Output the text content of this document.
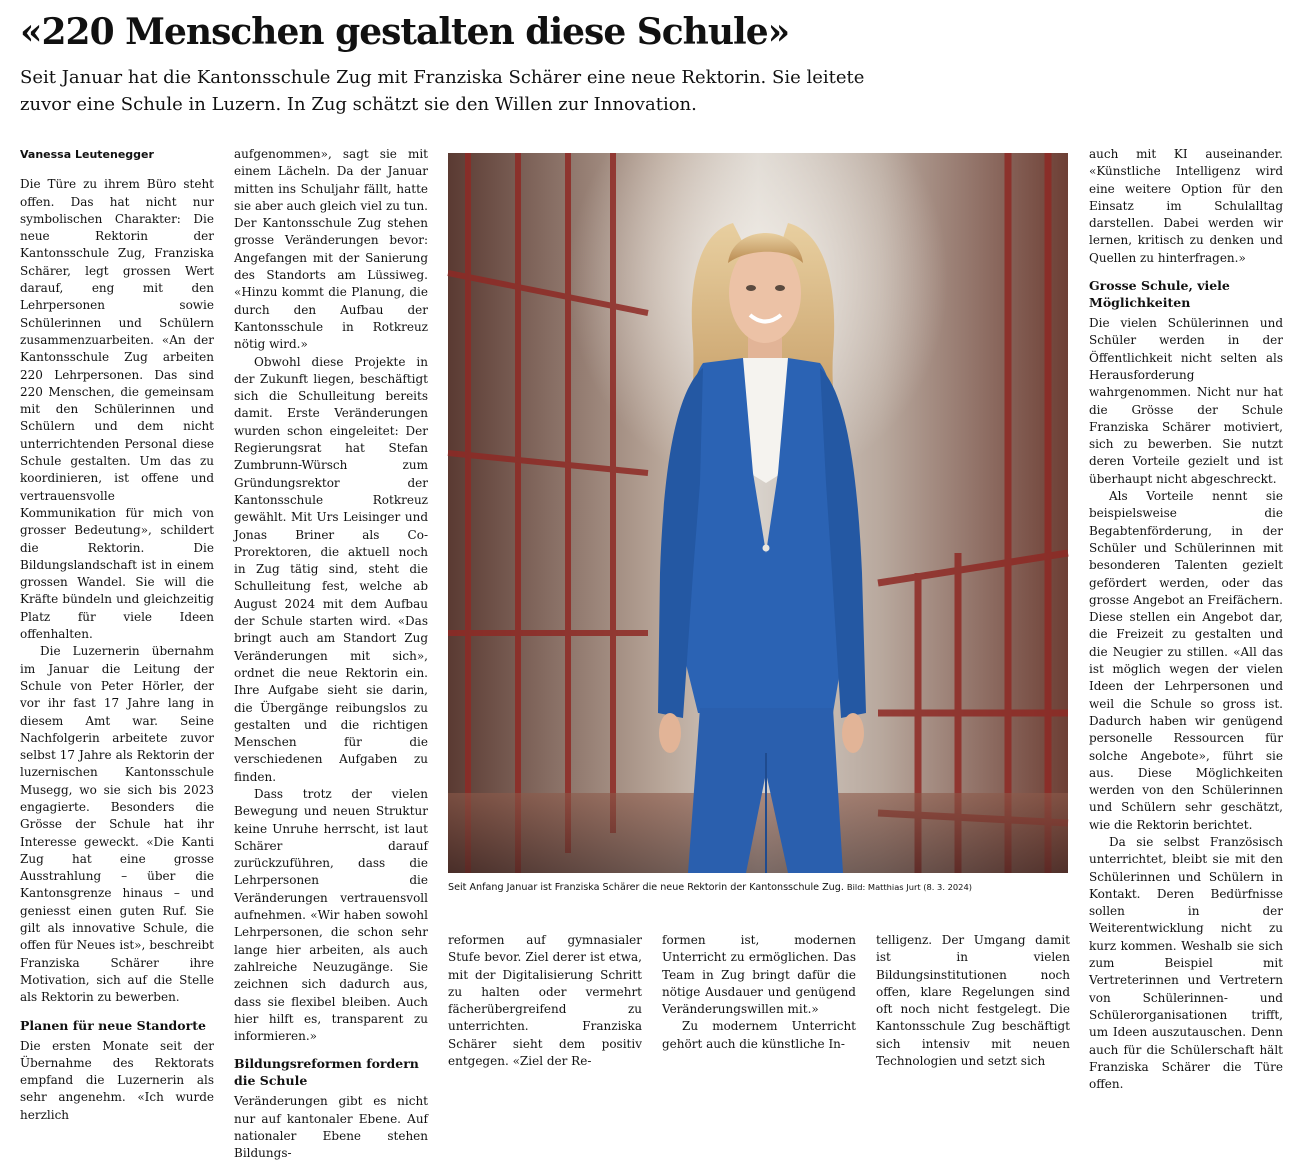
«220 Menschen gestalten diese Schule»

Seit Januar hat die Kantonsschule Zug mit Franziska Schärer eine neue Rektorin. Sie leitete

zuvor eine Schule in Luzern. In Zug schätzt sie den Willen zur Innovation.

Vanessa Leutenegger

Die Türe zu ihrem Büro steht offen. Das hat nicht nur symbolischen Charakter: Die neue Rektorin der Kantonsschule Zug, Franziska Schärer, legt grossen Wert darauf, eng mit den Lehrpersonen sowie Schülerinnen und Schülern zusammenzuarbeiten. «An der Kantonsschule Zug arbeiten 220 Lehrpersonen. Das sind 220 Menschen, die gemeinsam mit den Schülerinnen und Schülern und dem nicht unterrichtenden Personal diese Schule gestalten. Um das zu koordinieren, ist offene und vertrauensvolle Kommunikation für mich von grosser Bedeutung», schildert die Rektorin. Die Bildungslandschaft ist in einem grossen Wandel. Sie will die Kräfte bündeln und gleichzeitig Platz für viele Ideen offenhalten.

Die Luzernerin übernahm im Januar die Leitung der Schule von Peter Hörler, der vor ihr fast 17 Jahre lang in diesem Amt war. Seine Nachfolgerin arbeitete zuvor selbst 17 Jahre als Rektorin der luzernischen Kantonsschule Musegg, wo sie sich bis 2023 engagierte. Besonders die Grösse der Schule hat ihr Interesse geweckt. «Die Kanti Zug hat eine grosse Ausstrahlung – über die Kantonsgrenze hinaus – und geniesst einen guten Ruf. Sie gilt als innovative Schule, die offen für Neues ist», beschreibt Franziska Schärer ihre Motivation, sich auf die Stelle als Rektorin zu bewerben.

Planen für neue Standorte

Die ersten Monate seit der Übernahme des Rektorats empfand die Luzernerin als sehr angenehm. «Ich wurde herzlich

aufgenommen», sagt sie mit einem Lächeln. Da der Januar mitten ins Schuljahr fällt, hatte sie aber auch gleich viel zu tun. Der Kantonsschule Zug stehen grosse Veränderungen bevor: Angefangen mit der Sanierung des Standorts am Lüssiweg. «Hinzu kommt die Planung, die durch den Aufbau der Kantonsschule in Rotkreuz nötig wird.»

Obwohl diese Projekte in der Zukunft liegen, beschäftigt sich die Schulleitung bereits damit. Erste Veränderungen wurden schon eingeleitet: Der Regierungsrat hat Stefan Zumbrunn-Würsch zum Gründungsrektor der Kantonsschule Rotkreuz gewählt. Mit Urs Leisinger und Jonas Briner als Co-Prorektoren, die aktuell noch in Zug tätig sind, steht die Schulleitung fest, welche ab August 2024 mit dem Aufbau der Schule starten wird. «Das bringt auch am Standort Zug Veränderungen mit sich», ordnet die neue Rektorin ein. Ihre Aufgabe sieht sie darin, die Übergänge reibungslos zu gestalten und die richtigen Menschen für die verschiedenen Aufgaben zu finden.

Dass trotz der vielen Bewegung und neuen Struktur keine Unruhe herrscht, ist laut Schärer darauf zurückzuführen, dass die Lehrpersonen die Veränderungen vertrauensvoll aufnehmen. «Wir haben sowohl Lehrpersonen, die schon sehr lange hier arbeiten, als auch zahlreiche Neuzugänge. Sie zeichnen sich dadurch aus, dass sie flexibel bleiben. Auch hier hilft es, transparent zu informieren.»

Bildungsreformen fordern die Schule

Veränderungen gibt es nicht nur auf kantonaler Ebene. Auf nationaler Ebene stehen Bildungs-

Seit Anfang Januar ist Franziska Schärer die neue Rektorin der Kantonsschule Zug. Bild: Matthias Jurt (8. 3. 2024)

reformen auf gymnasialer Stufe bevor. Ziel derer ist etwa, mit der Digitalisierung Schritt zu halten oder vermehrt fächerübergreifend zu unterrichten. Franziska Schärer sieht dem positiv entgegen. «Ziel der Re-

formen ist, modernen Unterricht zu ermöglichen. Das Team in Zug bringt dafür die nötige Ausdauer und genügend Veränderungswillen mit.»

Zu modernem Unterricht gehört auch die künstliche In-

telligenz. Der Umgang damit ist in vielen Bildungsinstitutionen noch offen, klare Regelungen sind oft noch nicht festgelegt. Die Kantonsschule Zug beschäftigt sich intensiv mit neuen Technologien und setzt sich

auch mit KI auseinander. «Künstliche Intelligenz wird eine weitere Option für den Einsatz im Schulalltag darstellen. Dabei werden wir lernen, kritisch zu denken und Quellen zu hinterfragen.»

Grosse Schule, viele Möglichkeiten

Die vielen Schülerinnen und Schüler werden in der Öffentlichkeit nicht selten als Herausforderung wahrgenommen. Nicht nur hat die Grösse der Schule Franziska Schärer motiviert, sich zu bewerben. Sie nutzt deren Vorteile gezielt und ist überhaupt nicht abgeschreckt.

Als Vorteile nennt sie beispielsweise die Begabtenförderung, in der Schüler und Schülerinnen mit besonderen Talenten gezielt gefördert werden, oder das grosse Angebot an Freifächern. Diese stellen ein Angebot dar, die Freizeit zu gestalten und die Neugier zu stillen. «All das ist möglich wegen der vielen Ideen der Lehrpersonen und weil die Schule so gross ist. Dadurch haben wir genügend personelle Ressourcen für solche Angebote», führt sie aus. Diese Möglichkeiten werden von den Schülerinnen und Schülern sehr geschätzt, wie die Rektorin berichtet.

Da sie selbst Französisch unterrichtet, bleibt sie mit den Schülerinnen und Schülern in Kontakt. Deren Bedürfnisse sollen in der Weiterentwicklung nicht zu kurz kommen. Weshalb sie sich zum Beispiel mit Vertreterinnen und Vertretern von Schülerinnen- und Schülerorganisationen trifft, um Ideen auszutauschen. Denn auch für die Schülerschaft hält Franziska Schärer die Türe offen.
